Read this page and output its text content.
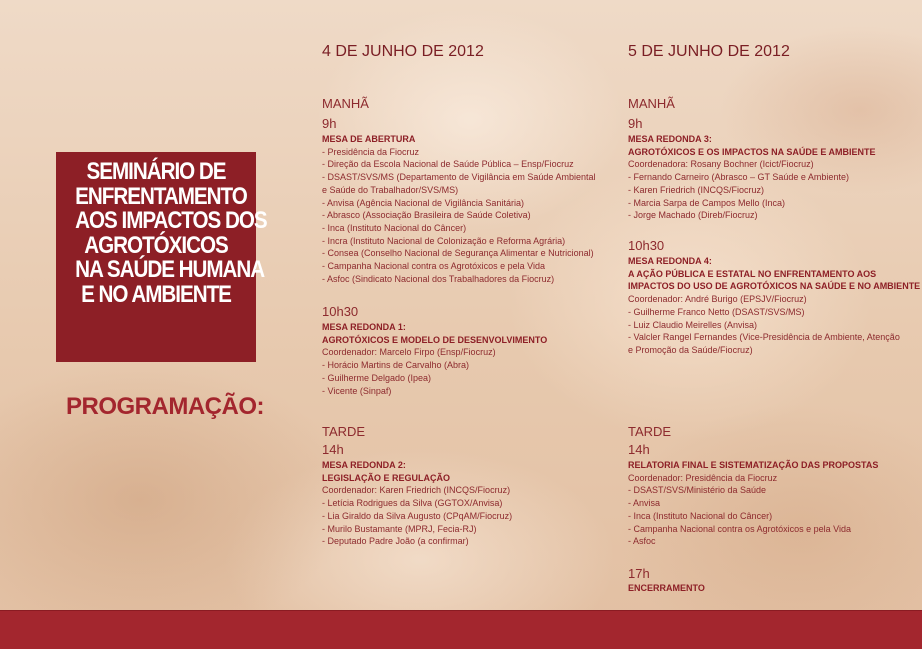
SEMINÁRIO DE
ENFRENTAMENTO
AOS IMPACTOS DOS
AGROTÓXICOS
NA SAÚDE HUMANA
E NO AMBIENTE
PROGRAMAÇÃO:
4 DE JUNHO DE 2012
MANHÃ
9h
MESA DE ABERTURA
- Presidência da Fiocruz
- Direção da Escola Nacional de Saúde Pública – Ensp/Fiocruz
- DSAST/SVS/MS (Departamento de Vigilância em Saúde Ambiental
e Saúde do Trabalhador/SVS/MS)
- Anvisa (Agência Nacional de Vigilância Sanitária)
- Abrasco (Associação Brasileira de Saúde Coletiva)
- Inca (Instituto Nacional do Câncer)
- Incra (Instituto Nacional de Colonização e Reforma Agrária)
- Consea (Conselho Nacional de Segurança Alimentar e Nutricional)
- Campanha Nacional contra os Agrotóxicos e pela Vida
- Asfoc (Sindicato Nacional dos Trabalhadores da Fiocruz)
10h30
MESA REDONDA 1:
AGROTÓXICOS E MODELO DE DESENVOLVIMENTO
Coordenador: Marcelo Firpo (Ensp/Fiocruz)
- Horácio Martins de Carvalho (Abra)
- Guilherme Delgado (Ipea)
- Vicente (Sinpaf)
TARDE
14h
MESA REDONDA 2:
LEGISLAÇÃO E REGULAÇÃO
Coordenador: Karen Friedrich (INCQS/Fiocruz)
- Letícia Rodrigues da Silva (GGTOX/Anvisa)
- Lia Giraldo da Silva Augusto (CPqAM/Fiocruz)
- Murilo Bustamante (MPRJ, Fecia-RJ)
- Deputado Padre João (a confirmar)
5 DE JUNHO DE 2012
MANHÃ
9h
MESA REDONDA 3:
AGROTÓXICOS E OS IMPACTOS NA SAÚDE E AMBIENTE
Coordenadora: Rosany Bochner (Icict/Fiocruz)
- Fernando Carneiro (Abrasco – GT Saúde e Ambiente)
- Karen Friedrich (INCQS/Fiocruz)
- Marcia Sarpa de Campos Mello (Inca)
- Jorge Machado (Direb/Fiocruz)
10h30
MESA REDONDA 4:
A AÇÃO PÚBLICA E ESTATAL NO ENFRENTAMENTO AOS
IMPACTOS DO USO DE AGROTÓXICOS NA SAÚDE E NO AMBIENTE
Coordenador: André Burigo (EPSJV/Fiocruz)
- Guilherme Franco Netto (DSAST/SVS/MS)
- Luiz Claudio Meirelles (Anvisa)
- Valcler Rangel Fernandes (Vice-Presidência de Ambiente, Atenção
e Promoção da Saúde/Fiocruz)
TARDE
14h
RELATORIA FINAL E SISTEMATIZAÇÃO DAS PROPOSTAS
Coordenador: Presidência da Fiocruz
- DSAST/SVS/Ministério da Saúde
- Anvisa
- Inca (Instituto Nacional do Câncer)
- Campanha Nacional contra os Agrotóxicos e pela Vida
- Asfoc
17h
ENCERRAMENTO
